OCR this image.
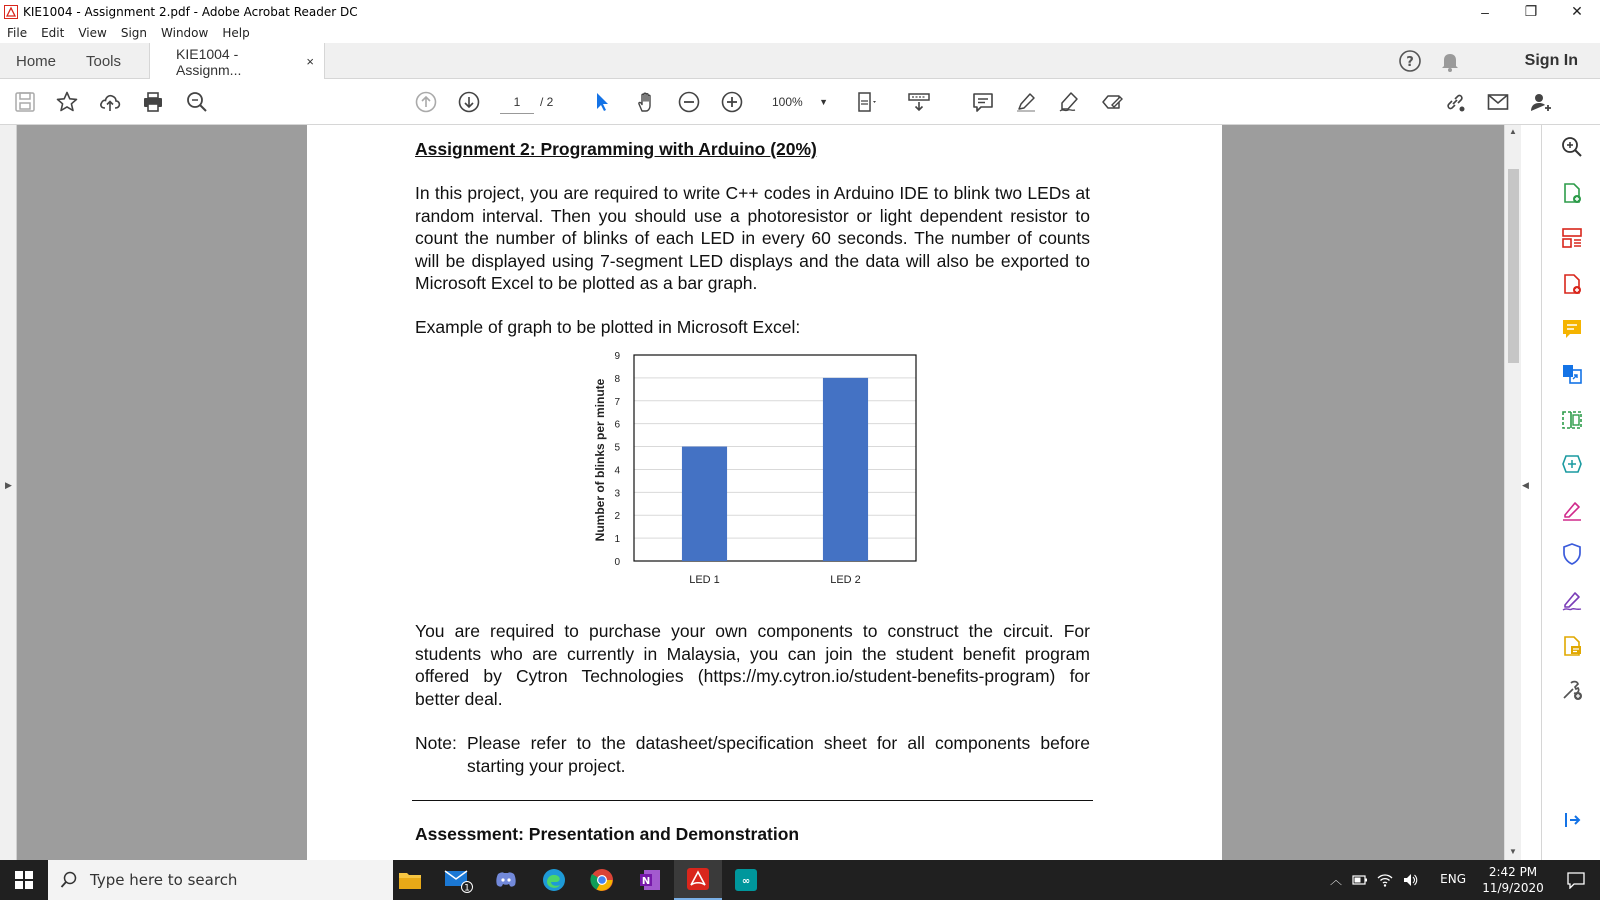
KIE1004 - Assignment 2.pdf - Adobe Acrobat Reader DC	–	❐	✕
File	Edit	View	Sign	Window	Help
Home Tools	KIE1004 - Assignm...	×	?	Sign In
1	/ 2	100% ▼
▶
▲
▼
◀
Assignment 2: Programming with Arduino (20%)
In this project, you are required to write C++ codes in Arduino IDE to blink two LEDs at random interval. Then you should use a photoresistor or light dependent resistor to count the number of blinks of each LED in every 60 seconds. The number of counts will be displayed using 7-segment LED displays and the data will also be exported to Microsoft Excel to be plotted as a bar graph.
Example of graph to be plotted in Microsoft Excel:
0
1
2
3
4
5
6
7
8
9
LED 1	LED 2
Number of blinks per minute
You are required to purchase your own components to construct the circuit. For students who are currently in Malaysia, you can join the student benefit program offered by Cytron Technologies (https://my.cytron.io/student-benefits-program) for better deal.
Note: Please refer to the datasheet/specification sheet for all components before starting your project.
Assessment: Presentation and Demonstration
Type here to search	1
N	∞	︿	ENG	2:42 PM
11/9/2020
